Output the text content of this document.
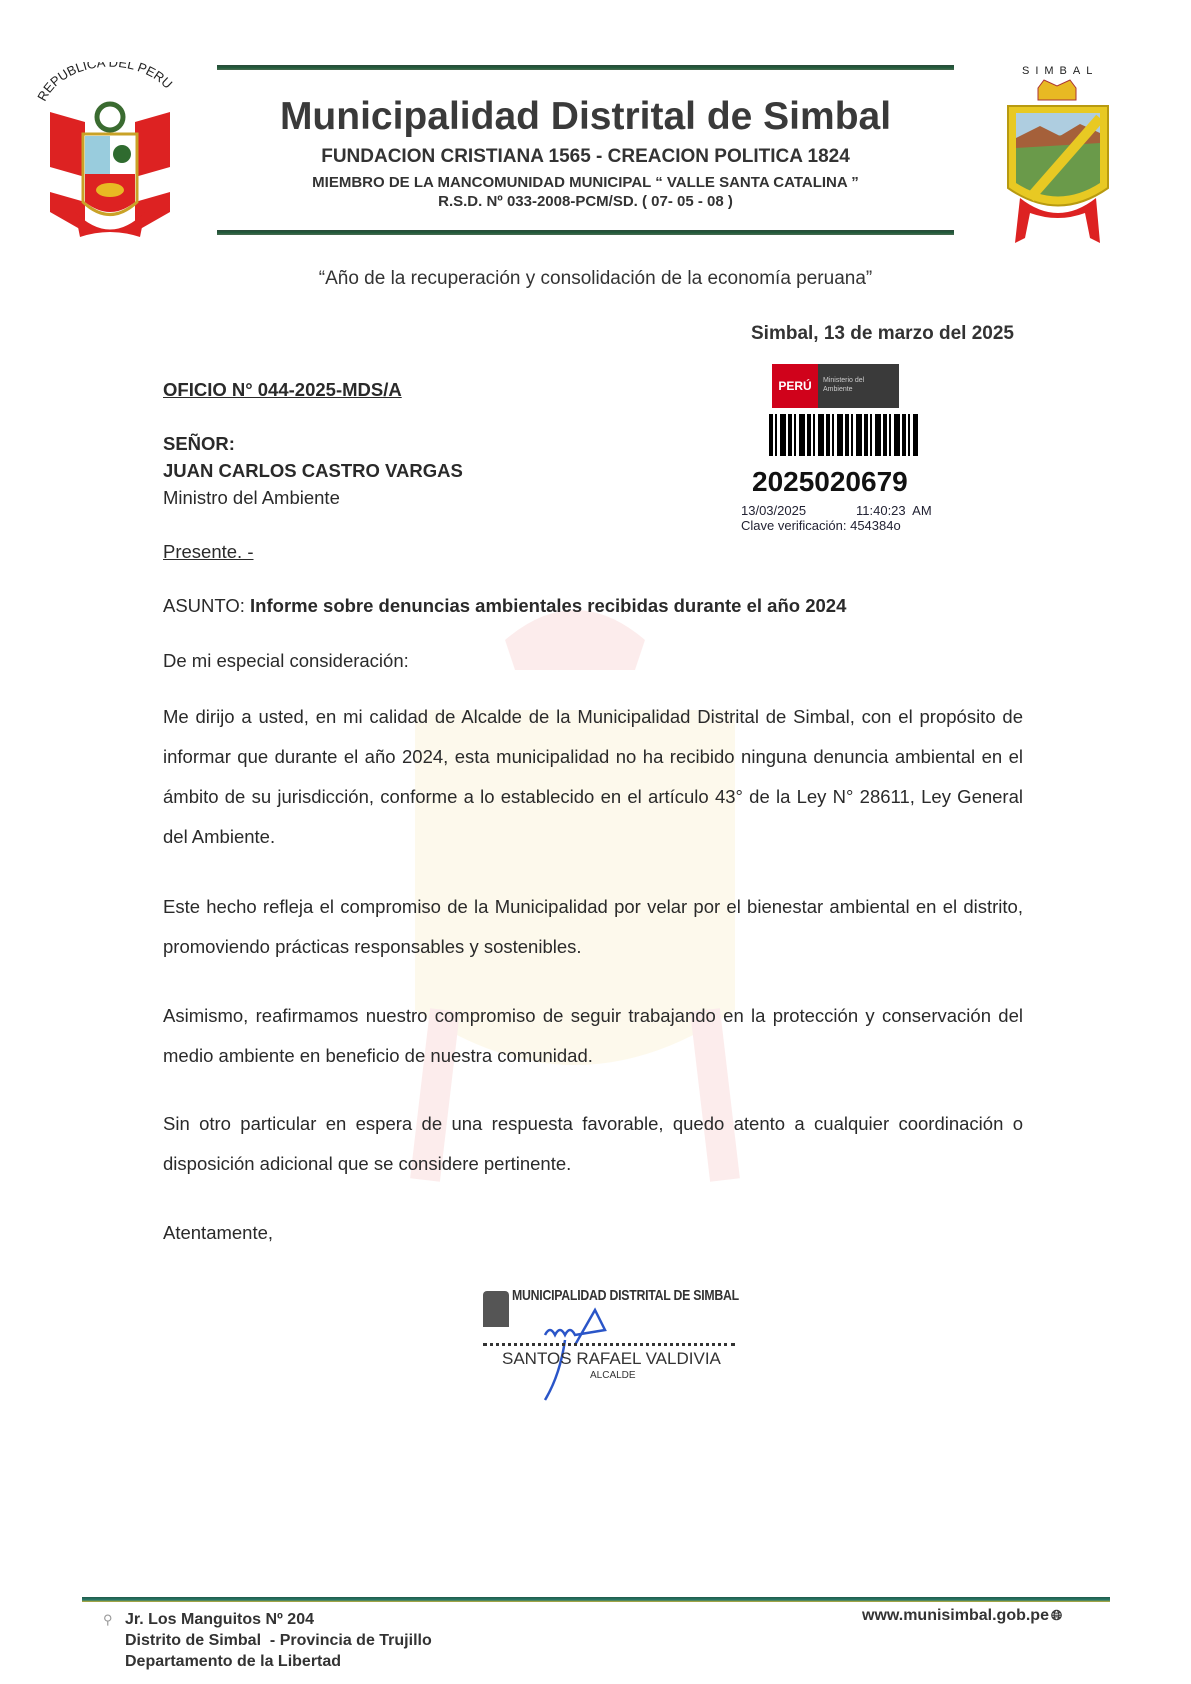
REPUBLICA DEL PERU
Municipalidad Distrital de Simbal
FUNDACION CRISTIANA 1565 - CREACION POLITICA 1824
MIEMBRO DE LA MANCOMUNIDAD MUNICIPAL “ VALLE SANTA CATALINA ”
R.S.D. Nº 033-2008-PCM/SD. ( 07- 05 - 08 )
SIMBAL
“Año de la recuperación y consolidación de la economía peruana”
Simbal, 13 de marzo del 2025
PERÚ	Ministerio del Ambiente
2025020679
13/03/2025	11:40:23  AM
Clave verificación: 454384o
OFICIO N° 044-2025-MDS/A
SEÑOR:
JUAN CARLOS CASTRO VARGAS
Ministro del Ambiente
Presente. -
ASUNTO: Informe sobre denuncias ambientales recibidas durante el año 2024
De mi especial consideración:
Me dirijo a usted, en mi calidad de Alcalde de la Municipalidad Distrital de Simbal, con el propósito de informar que durante el año 2024, esta municipalidad no ha recibido ninguna denuncia ambiental en el ámbito de su jurisdicción, conforme a lo establecido en el artículo 43° de la Ley N° 28611, Ley General del Ambiente.
Este hecho refleja el compromiso de la Municipalidad por velar por el bienestar ambiental en el distrito, promoviendo prácticas responsables y sostenibles.
Asimismo, reafirmamos nuestro compromiso de seguir trabajando en la protección y conservación del medio ambiente en beneficio de nuestra comunidad.
Sin otro particular en espera de una respuesta favorable, quedo atento a cualquier coordinación o disposición adicional que se considere pertinente.
Atentamente,
MUNICIPALIDAD DISTRITAL DE SIMBAL
SANTOS RAFAEL VALDIVIA
ALCALDE
⚲ Jr. Los Manguitos Nº 204
Distrito de Simbal  - Provincia de Trujillo
Departamento de la Libertad
www.munisimbal.gob.pe 🌐︎
